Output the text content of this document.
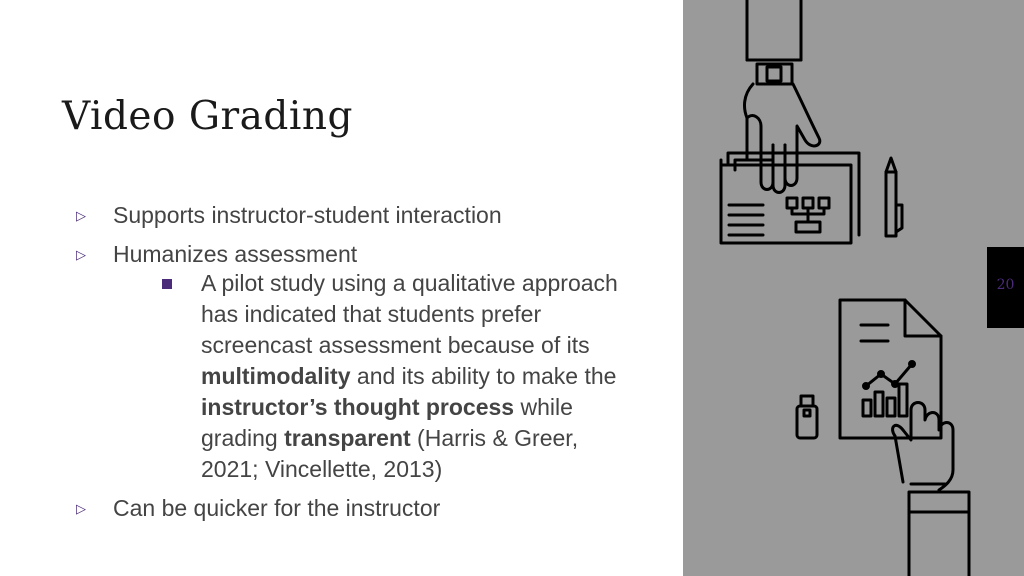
Video Grading
▷ Supports instructor-student interaction
▷ Humanizes assessment
A pilot study using a qualitative approach has indicated that students prefer screencast assessment because of its multimodality and its ability to make the instructor’s thought process while grading transparent (Harris & Greer, 2021; Vincellette, 2013)
▷ Can be quicker for the instructor
20
